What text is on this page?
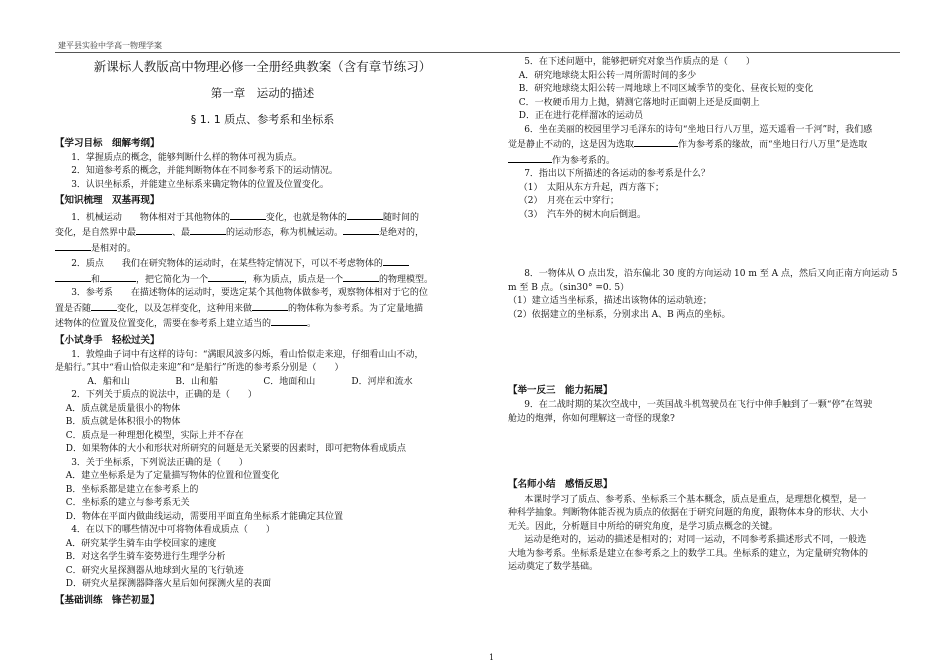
建平县实验中学高一物理学案

新课标人教版高中物理必修一全册经典教案（含有章节练习）

第一章　运动的描述

§ 1. 1 质点、参考系和坐标系

【学习目标　细解考纲】

1．掌握质点的概念，能够判断什么样的物体可视为质点。

2．知道参考系的概念，并能判断物体在不同参考系下的运动情况。

3．认识坐标系，并能建立坐标系来确定物体的位置及位置变化。

【知识梳理　双基再现】

1．机械运动　　物体相对于其他物体的	变化，也就是物体的	随时间的

变化，是自然界中最	、最	的运动形态，称为机械运动。	是绝对的，

是相对的。

2．质点　　我们在研究物体的运动时，在某些特定情况下，可以不考虑物体的

和	，把它简化为一个	，称为质点，质点是一个	的物理模型。

3．参考系　　在描述物体的运动时，要选定某个其他物体做参考，观察物体相对于它的位

置是否随	变化，以及怎样变化，这种用来做	的物体称为参考系。为了定量地描

述物体的位置及位置变化，需要在参考系上建立适当的	。

【小试身手　轻松过关】

1．敦煌曲子词中有这样的诗句：“满眼风波多闪烁，看山恰似走来迎，仔细看山山不动，

是船行。”其中“看山恰似走来迎”和“是船行”所选的参考系分别是（　　）

A．船和山	B．山和船	C．地面和山	D．河岸和流水

2．下列关于质点的说法中，正确的是（　　）

A．质点就是质量很小的物体

B．质点就是体积很小的物体

C．质点是一种理想化模型，实际上并不存在

D．如果物体的大小和形状对所研究的问题是无关紧要的因素时，即可把物体看成质点

3．关于坐标系，下列说法正确的是（　　）

A．建立坐标系是为了定量描写物体的位置和位置变化

B．坐标系都是建立在参考系上的

C．坐标系的建立与参考系无关

D．物体在平面内做曲线运动，需要用平面直角坐标系才能确定其位置

4．在以下的哪些情况中可将物体看成质点（　　）

A．研究某学生骑车由学校回家的速度

B．对这名学生骑车姿势进行生理学分析

C．研究火星探测器从地球到火星的飞行轨迹

D．研究火星探测器降落火星后如何探测火星的表面

【基础训练　锋芒初显】

5．在下述问题中，能够把研究对象当作质点的是（　　）

A．研究地球绕太阳公转一周所需时间的多少

B．研究地球绕太阳公转一周地球上不同区域季节的变化、昼夜长短的变化

C．一枚硬币用力上抛，猜测它落地时正面朝上还是反面朝上

D．正在进行花样溜冰的运动员

6．坐在美丽的校园里学习毛泽东的诗句“坐地日行八万里，巡天遥看一千河”时，我们感

觉是静止不动的，这是因为选取	作为参考系的缘故，而“坐地日行八万里”是选取

作为参考系的。

7．指出以下所描述的各运动的参考系是什么？

（1）　太阳从东方升起，西方落下；

（2）　月亮在云中穿行；

（3）　汽车外的树木向后倒退。

8．一物体从 O 点出发，沿东偏北 30 度的方向运动 10 m 至 A 点，然后又向正南方向运动 5

m 至 B 点。（sin30° =0. 5）

（1）建立适当坐标系，描述出该物体的运动轨迹；

（2）依据建立的坐标系，分别求出 A、B 两点的坐标。

【举一反三　能力拓展】

9．在二战时期的某次空战中，一英国战斗机驾驶员在飞行中伸手触到了一颗“停”在驾驶

舱边的炮弹，你如何理解这一奇怪的现象?

【名师小结　感悟反思】

本课时学习了质点、参考系、坐标系三个基本概念，质点是重点，是理想化模型，是一

种科学抽象。判断物体能否视为质点的依据在于研究问题的角度，跟物体本身的形状、大小

无关。因此，分析题目中所给的研究角度，是学习质点概念的关键。

运动是绝对的，运动的描述是相对的；对同一运动，不同参考系描述形式不同，一般选

大地为参考系。坐标系是建立在参考系之上的数学工具。坐标系的建立，为定量研究物体的

运动奠定了数学基础。

1
